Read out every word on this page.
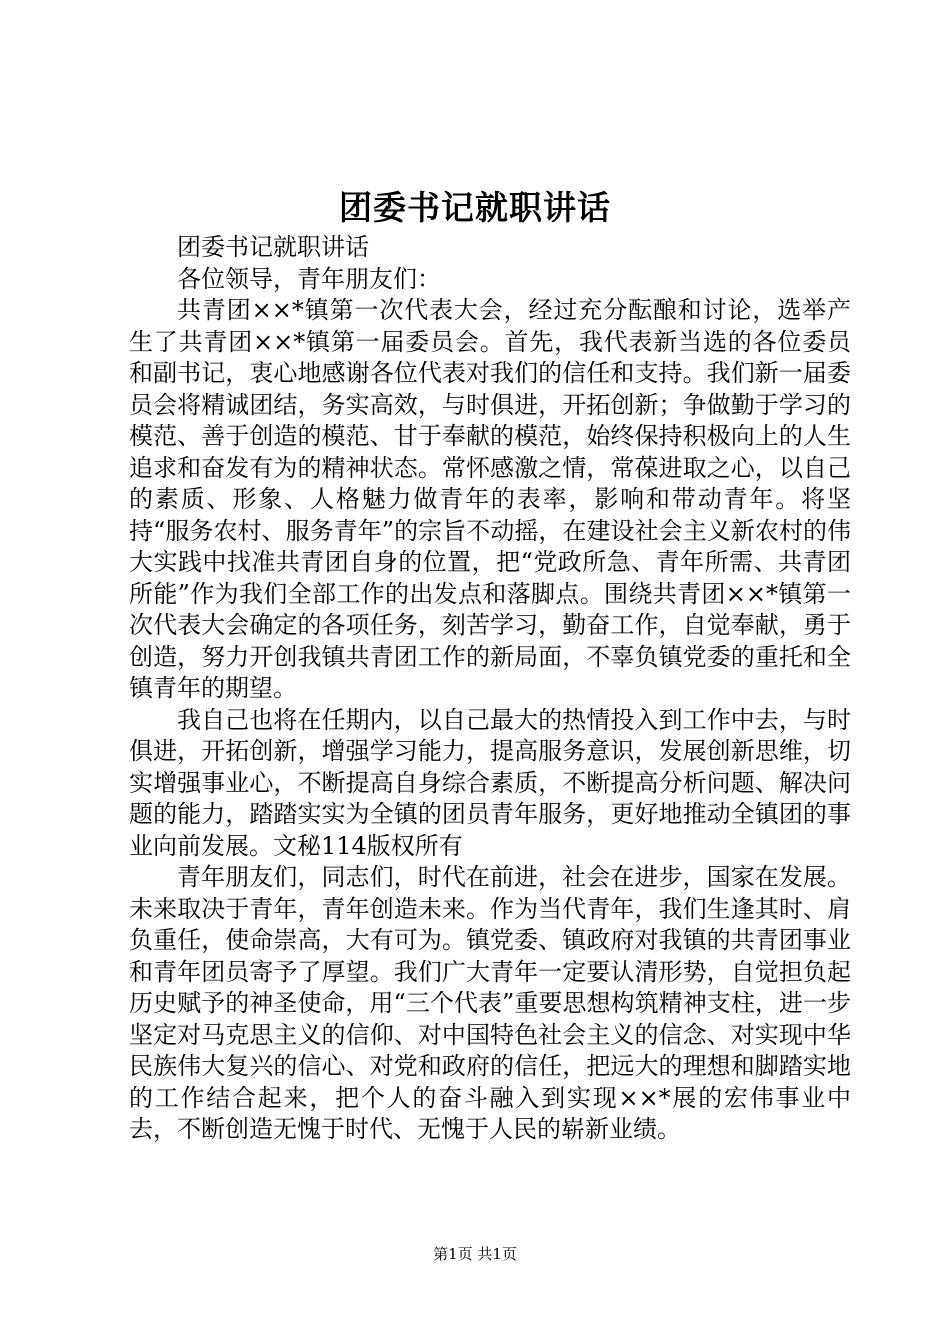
团委书记就职讲话

团委书记就职讲话

各位领导，青年朋友们：

共青团××*镇第一次代表大会，经过充分酝酿和讨论，选举产生了共青团××*镇第一届委员会。首先，我代表新当选的各位委员和副书记，衷心地感谢各位代表对我们的信任和支持。我们新一届委员会将精诚团结，务实高效，与时俱进，开拓创新；争做勤于学习的模范、善于创造的模范、甘于奉献的模范，始终保持积极向上的人生追求和奋发有为的精神状态。常怀感激之情，常葆进取之心，以自己的素质、形象、人格魅力做青年的表率，影响和带动青年。将坚持“服务农村、服务青年”的宗旨不动摇，在建设社会主义新农村的伟大实践中找准共青团自身的位置，把“党政所急、青年所需、共青团所能”作为我们全部工作的出发点和落脚点。围绕共青团××*镇第一次代表大会确定的各项任务，刻苦学习，勤奋工作，自觉奉献，勇于创造，努力开创我镇共青团工作的新局面，不辜负镇党委的重托和全镇青年的期望。

我自己也将在任期内，以自己最大的热情投入到工作中去，与时俱进，开拓创新，增强学习能力，提高服务意识，发展创新思维，切实增强事业心，不断提高自身综合素质，不断提高分析问题、解决问题的能力，踏踏实实为全镇的团员青年服务，更好地推动全镇团的事业向前发展。文秘114版权所有

青年朋友们，同志们，时代在前进，社会在进步，国家在发展。未来取决于青年，青年创造未来。作为当代青年，我们生逢其时、肩负重任，使命崇高，大有可为。镇党委、镇政府对我镇的共青团事业和青年团员寄予了厚望。我们广大青年一定要认清形势，自觉担负起历史赋予的神圣使命，用“三个代表”重要思想构筑精神支柱，进一步坚定对马克思主义的信仰、对中国特色社会主义的信念、对实现中华民族伟大复兴的信心、对党和政府的信任，把远大的理想和脚踏实地的工作结合起来，把个人的奋斗融入到实现××*展的宏伟事业中去，不断创造无愧于时代、无愧于人民的崭新业绩。

第1页 共1页
